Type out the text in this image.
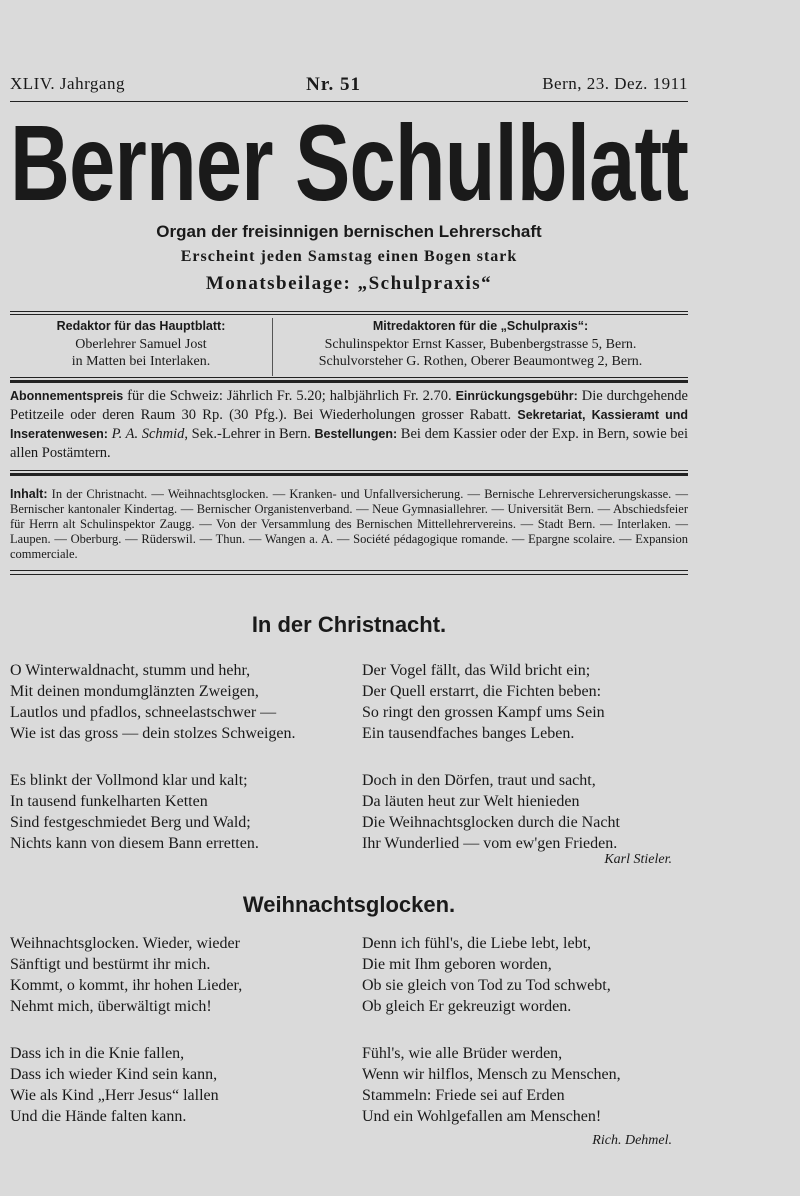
XLIV. Jahrgang	Nr. 51	Bern, 23. Dez. 1911
Berner Schulblatt
Organ der freisinnigen bernischen Lehrerschaft
Erscheint jeden Samstag einen Bogen stark
Monatsbeilage: „Schulpraxis“
Redaktor für das Hauptblatt:
Oberlehrer Samuel Jost
in Matten bei Interlaken.
Mitredaktoren für die „Schulpraxis“:
Schulinspektor Ernst Kasser, Bubenbergstrasse 5, Bern.
Schulvorsteher G. Rothen, Oberer Beaumontweg 2, Bern.
Abonnementspreis für die Schweiz: Jährlich Fr. 5.20; halbjährlich Fr. 2.70. Einrückungsgebühr: Die durchgehende Petitzeile oder deren Raum 30 Rp. (30 Pfg.). Bei Wiederholungen grosser Rabatt. Sekretariat, Kassieramt und Inseratenwesen: P. A. Schmid, Sek.-Lehrer in Bern. Bestellungen: Bei dem Kassier oder der Exp. in Bern, sowie bei allen Postämtern.
Inhalt: In der Christnacht. — Weihnachtsglocken. — Kranken- und Unfallversicherung. — Bernische Lehrerversicherungskasse. — Bernischer kantonaler Kindertag. — Bernischer Organistenverband. — Neue Gymnasiallehrer. — Universität Bern. — Abschiedsfeier für Herrn alt Schulinspektor Zaugg. — Von der Versammlung des Bernischen Mittellehrervereins. — Stadt Bern. — Interlaken. — Laupen. — Oberburg. — Rüderswil. — Thun. — Wangen a. A. — Société pédagogique romande. — Epargne scolaire. — Expansion commerciale.
In der Christnacht.
O Winterwaldnacht, stumm und hehr,
Mit deinen mondumglänzten Zweigen,
Lautlos und pfadlos, schneelastschwer —
Wie ist das gross — dein stolzes Schweigen.
Es blinkt der Vollmond klar und kalt;
In tausend funkelharten Ketten
Sind festgeschmiedet Berg und Wald;
Nichts kann von diesem Bann erretten.
Der Vogel fällt, das Wild bricht ein;
Der Quell erstarrt, die Fichten beben:
So ringt den grossen Kampf ums Sein
Ein tausendfaches banges Leben.
Doch in den Dörfen, traut und sacht,
Da läuten heut zur Welt hienieden
Die Weihnachtsglocken durch die Nacht
Ihr Wunderlied — vom ew'gen Frieden.
Karl Stieler.
Weihnachtsglocken.
Weihnachtsglocken. Wieder, wieder
Sänftigt und bestürmt ihr mich.
Kommt, o kommt, ihr hohen Lieder,
Nehmt mich, überwältigt mich!
Dass ich in die Knie fallen,
Dass ich wieder Kind sein kann,
Wie als Kind „Herr Jesus“ lallen
Und die Hände falten kann.
Denn ich fühl's, die Liebe lebt, lebt,
Die mit Ihm geboren worden,
Ob sie gleich von Tod zu Tod schwebt,
Ob gleich Er gekreuzigt worden.
Fühl's, wie alle Brüder werden,
Wenn wir hilflos, Mensch zu Menschen,
Stammeln: Friede sei auf Erden
Und ein Wohlgefallen am Menschen!
Rich. Dehmel.
